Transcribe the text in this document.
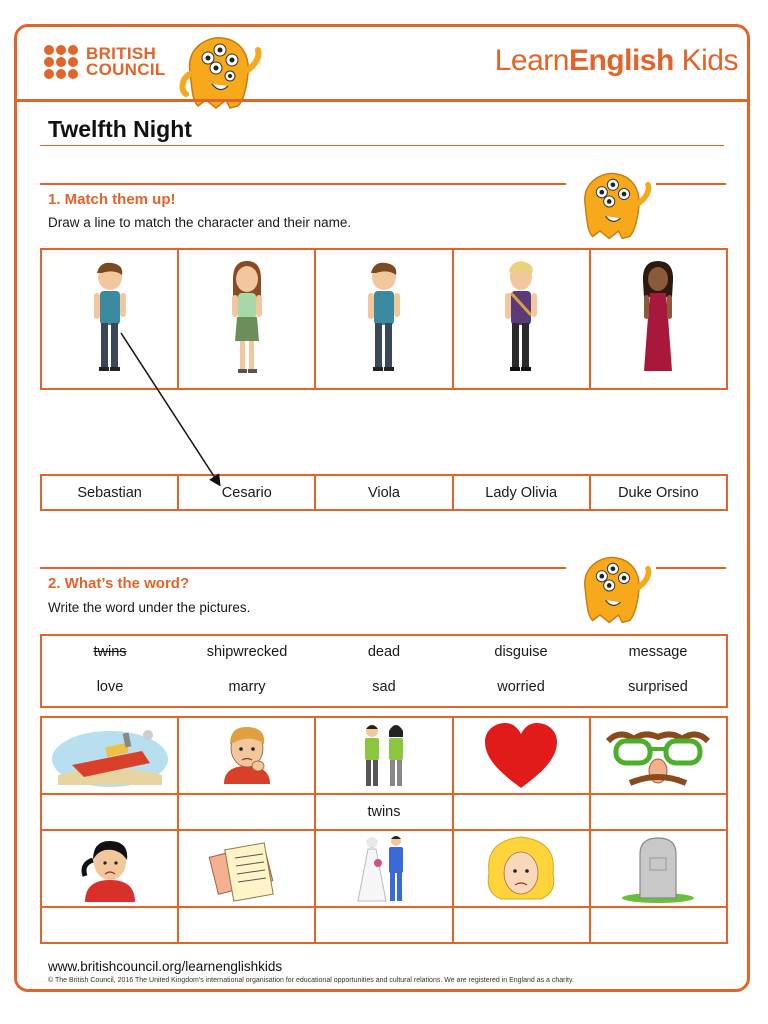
BRITISH
COUNCIL	LearnEnglish Kids
Twelfth Night
1. Match them up!
Draw a line to match the character and their name.

Sebastian	Cesario	Viola	Lady Olivia	Duke Orsino
2. What’s the word?
Write the word under the pictures.
twins	shipwrecked	dead	disguise	message
love	marry	sad	worried	surprised

		twins		

www.britishcouncil.org/learnenglishkids
© The British Council, 2016 The United Kingdom’s international organisation for educational opportunities and cultural relations. We are registered in England as a charity.
